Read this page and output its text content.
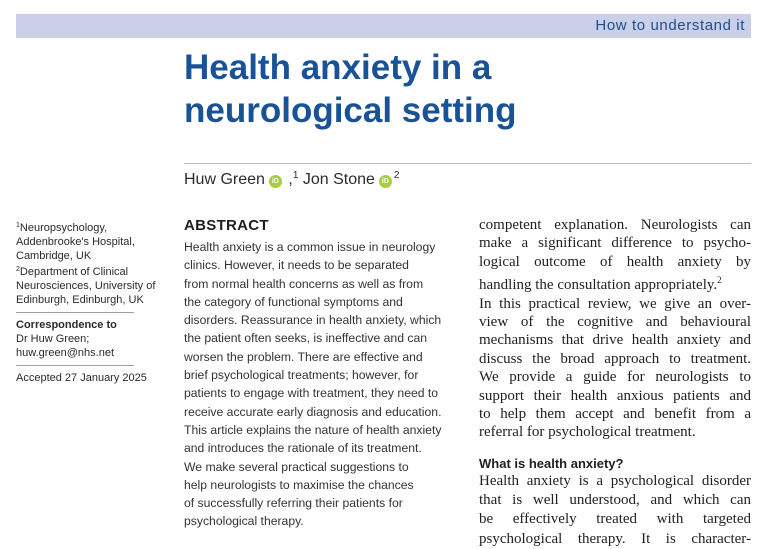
How to understand it
Health anxiety in a
neurological setting
Huw Green iD ,$^1$ Jon Stone $iD^2$
$^1$Neuropsychology,
Addenbrooke's Hospital,
Cambridge, UK
$^2$Department of Clinical
Neurosciences, University of
Edinburgh, Edinburgh, UK
Correspondence to
Dr Huw Green;
huw.green@nhs.net
Accepted 27 January 2025
ABSTRACT
Health anxiety is a common issue in neurology
clinics. However, it needs to be separated
from normal health concerns as well as from
the category of functional symptoms and
disorders. Reassurance in health anxiety, which
the patient often seeks, is ineffective and can
worsen the problem. There are effective and
brief psychological treatments; however, for
patients to engage with treatment, they need to
receive accurate early diagnosis and education.
This article explains the nature of health anxiety
and introduces the rationale of its treatment.
We make several practical suggestions to
help neurologists to maximise the chances
of successfully referring their patients for
psychological therapy.
competent explanation. Neurologists can
make a significant difference to psycho-
logical outcome of health anxiety by
handling the consultation appropriately.$^2$
In this practical review, we give an over-
view of the cognitive and behavioural
mechanisms that drive health anxiety and
discuss the broad approach to treatment.
We provide a guide for neurologists to
support their health anxious patients and
to help them accept and benefit from a
referral for psychological treatment.
What is health anxiety?
Health anxiety is a psychological disorder
that is well understood, and which can
be effectively treated with targeted
psychological therapy. It is character-
